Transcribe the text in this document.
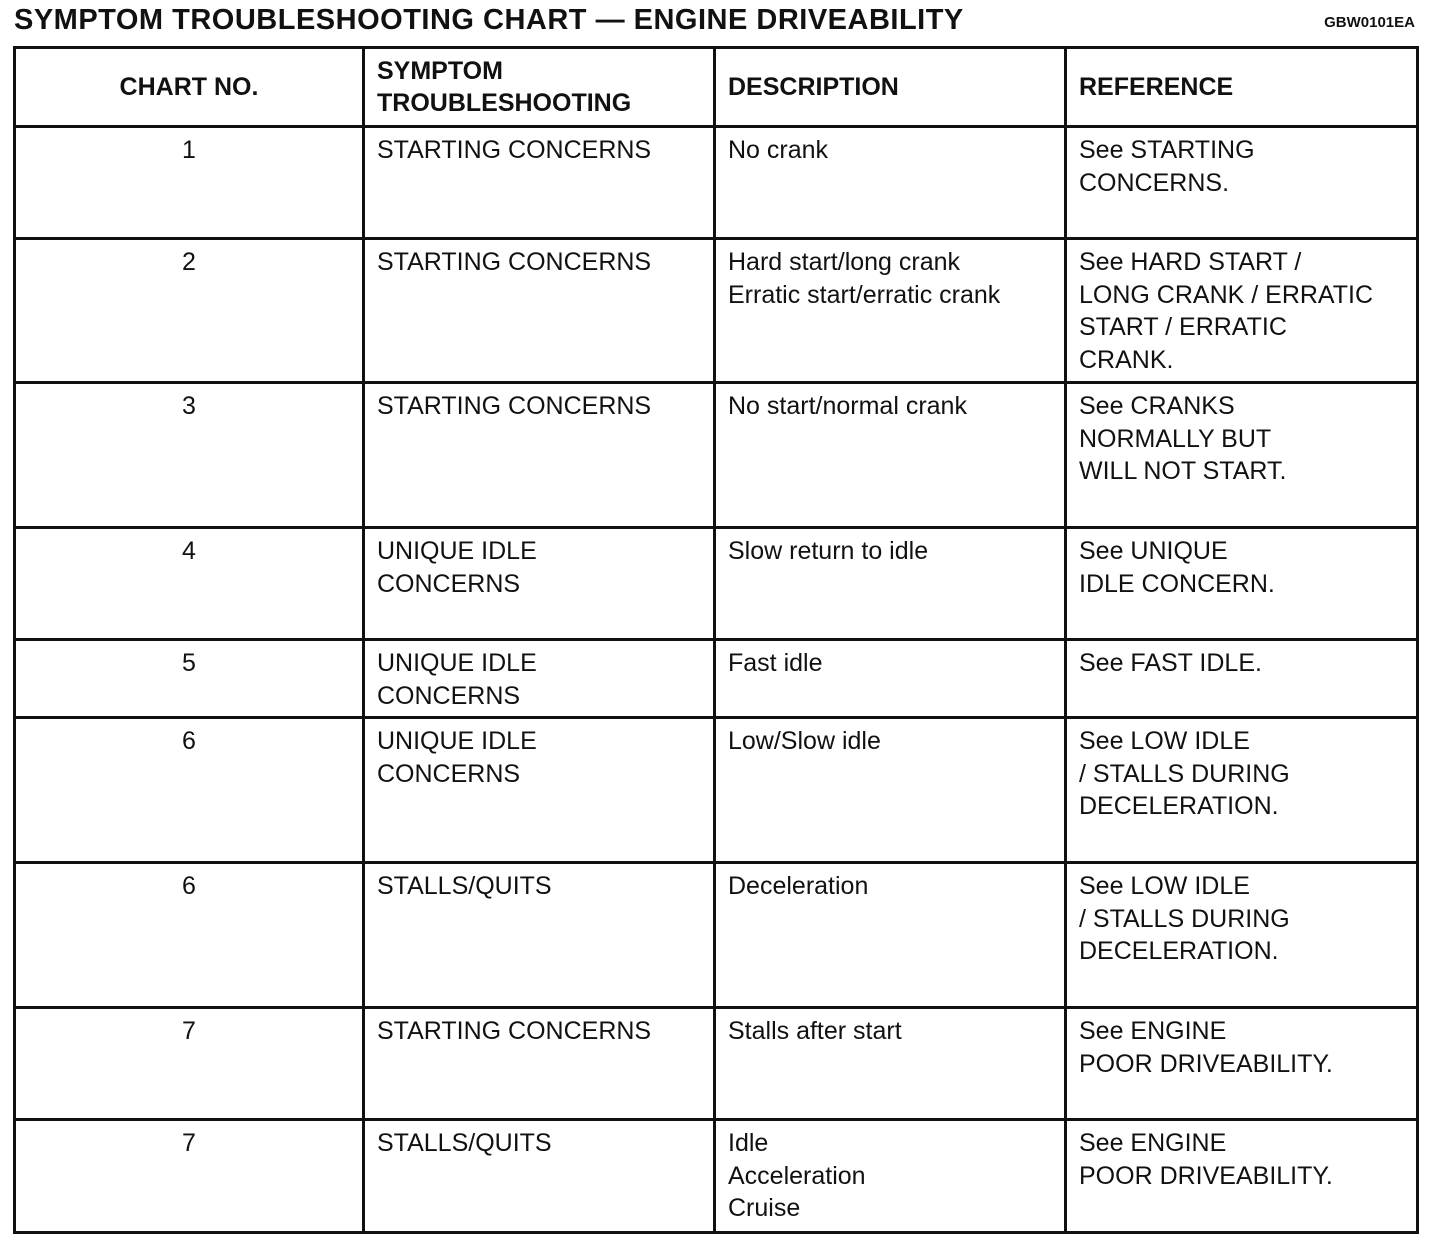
SYMPTOM TROUBLESHOOTING CHART — ENGINE DRIVEABILITY	GBW0101EA
CHART NO.	SYMPTOM
TROUBLESHOOTING	DESCRIPTION	REFERENCE
1	STARTING CONCERNS	No crank	See STARTING
CONCERNS.
2	STARTING CONCERNS	Hard start/long crank
Erratic start/erratic crank	See HARD START /
LONG CRANK / ERRATIC
START / ERRATIC
CRANK.
3	STARTING CONCERNS	No start/normal crank	See CRANKS
NORMALLY BUT
WILL NOT START.
4	UNIQUE IDLE
CONCERNS	Slow return to idle	See UNIQUE
IDLE CONCERN.
5	UNIQUE IDLE
CONCERNS	Fast idle	See FAST IDLE.
6	UNIQUE IDLE
CONCERNS	Low/Slow idle	See LOW IDLE
/ STALLS DURING
DECELERATION.
6	STALLS/QUITS	Deceleration	See LOW IDLE
/ STALLS DURING
DECELERATION.
7	STARTING CONCERNS	Stalls after start	See ENGINE
POOR DRIVEABILITY.
7	STALLS/QUITS	Idle
Acceleration
Cruise	See ENGINE
POOR DRIVEABILITY.
